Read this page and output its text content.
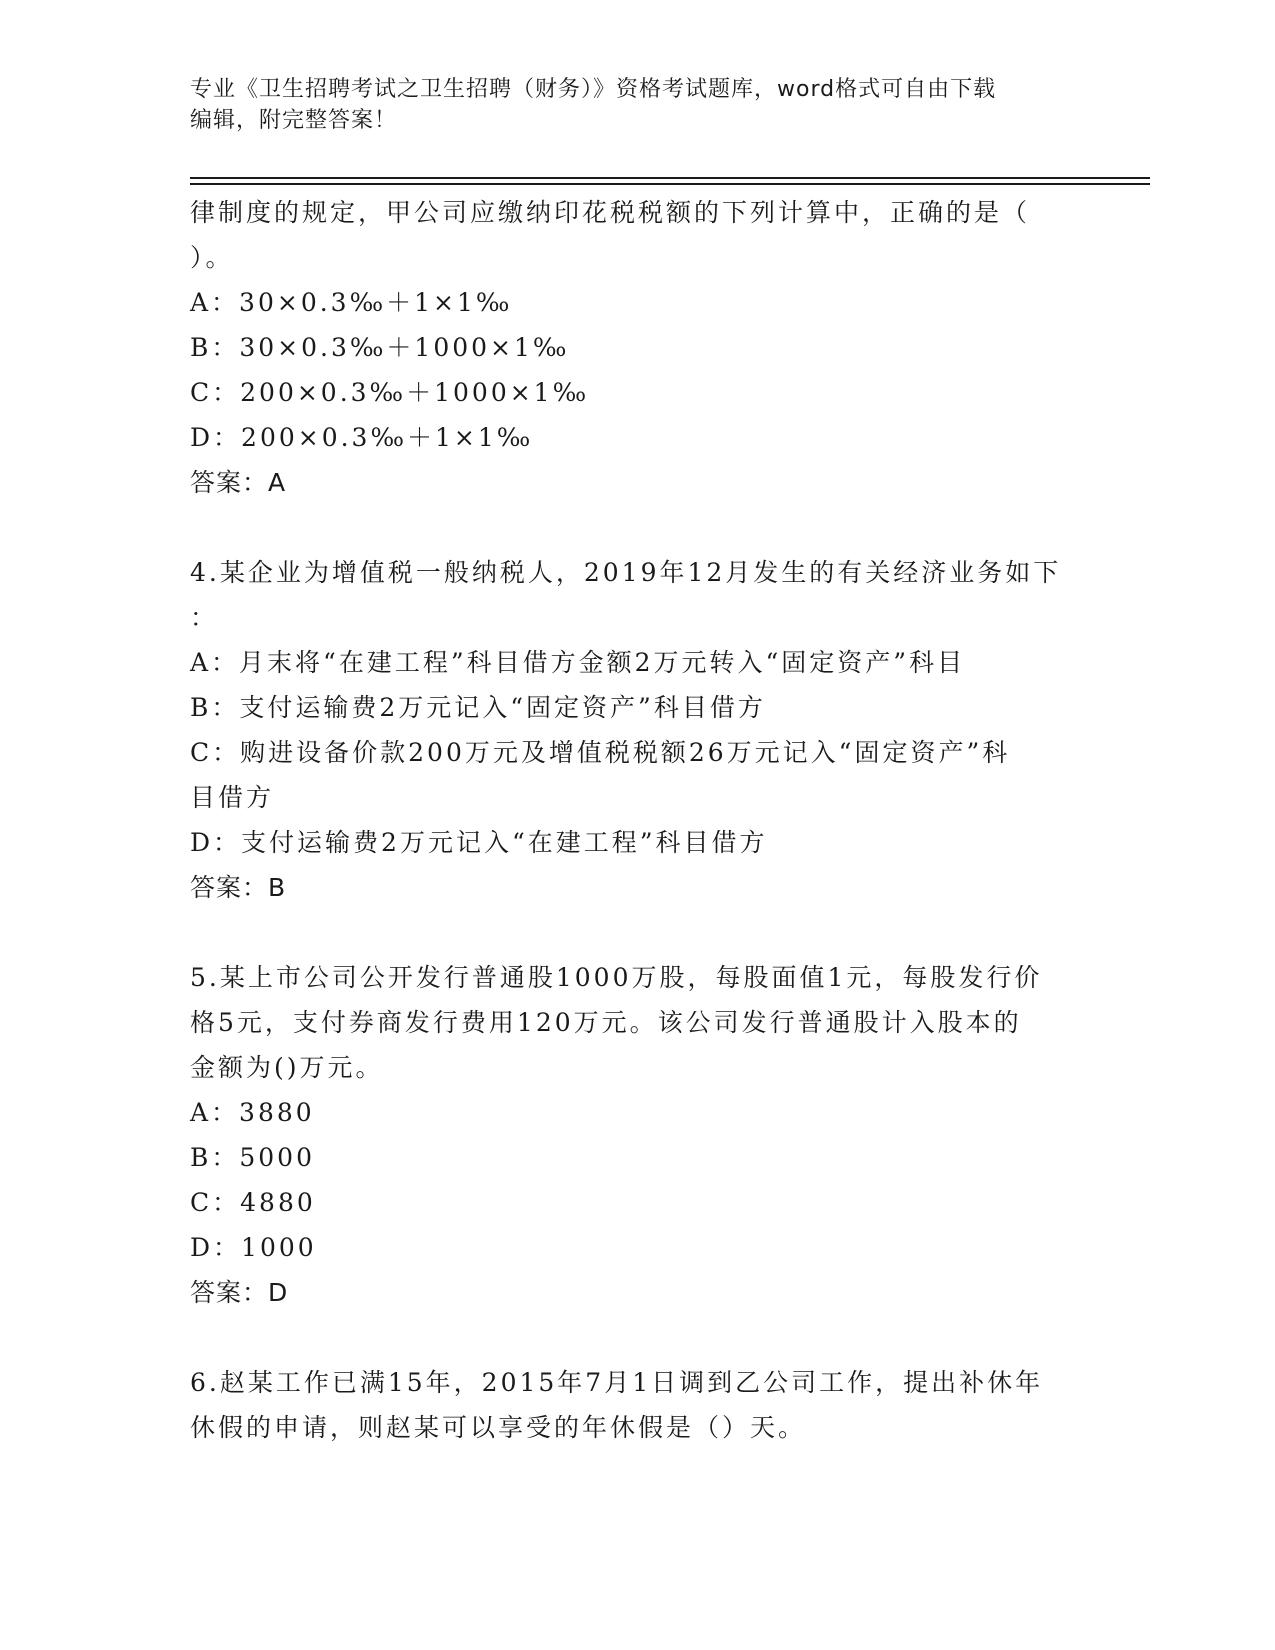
专业《卫生招聘考试之卫生招聘（财务）》资格考试题库，word格式可自由下载
编辑，附完整答案！
律制度的规定，甲公司应缴纳印花税税额的下列计算中，正确的是（
）。
A：30×0.3‰＋1×1‰
B：30×0.3‰＋1000×1‰
C：200×0.3‰＋1000×1‰
D：200×0.3‰＋1×1‰
答案：A
4.某企业为增值税一般纳税人，2019年12月发生的有关经济业务如下
：
A：月末将“在建工程”科目借方金额2万元转入“固定资产”科目
B：支付运输费2万元记入“固定资产”科目借方
C：购进设备价款200万元及增值税税额26万元记入“固定资产”科
目借方
D：支付运输费2万元记入“在建工程”科目借方
答案：B
5.某上市公司公开发行普通股1000万股，每股面值1元，每股发行价
格5元，支付券商发行费用120万元。该公司发行普通股计入股本的
金额为()万元。
A：3880
B：5000
C：4880
D：1000
答案：D
6.赵某工作已满15年，2015年7月1日调到乙公司工作，提出补休年
休假的申请，则赵某可以享受的年休假是（）天。
